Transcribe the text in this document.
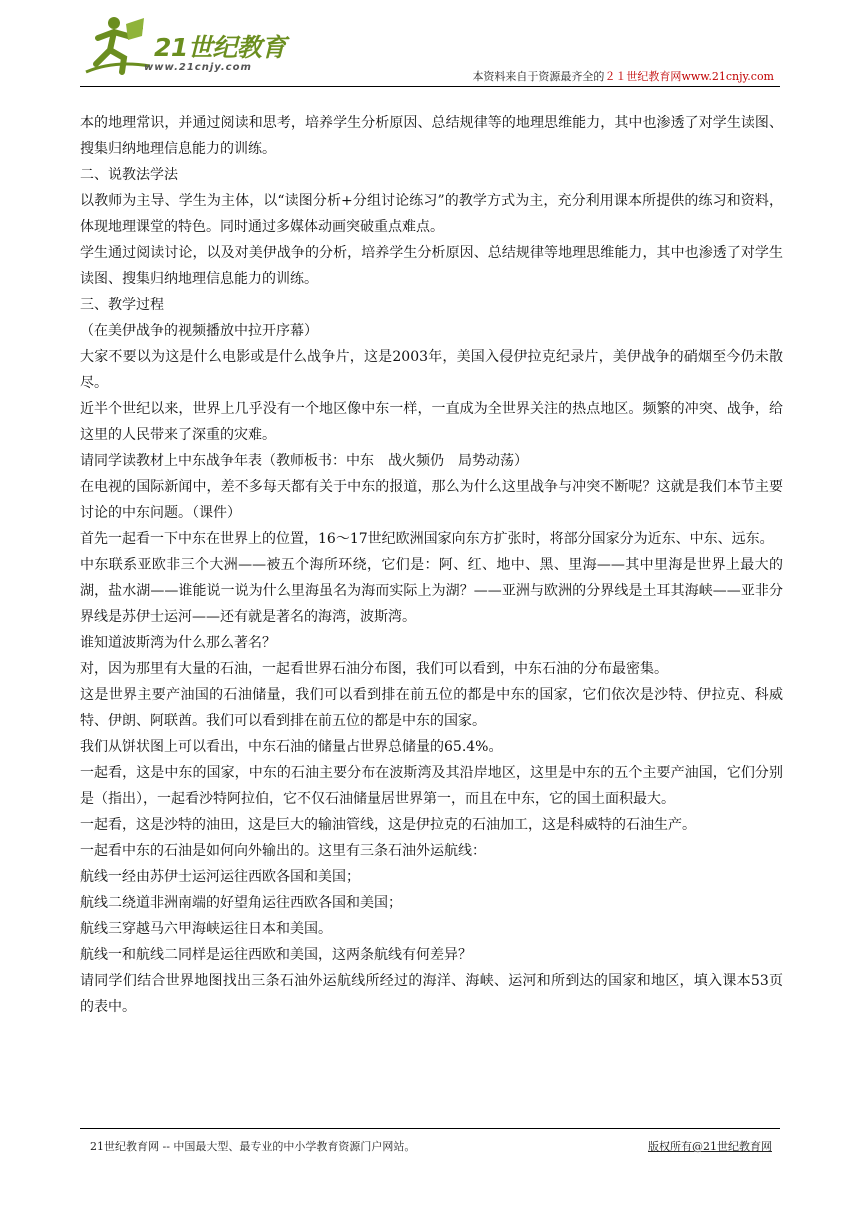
21世纪教育
www.21cnjy.com
本资料来自于资源最齐全的２１世纪教育网www.21cnjy.com

本的地理常识，并通过阅读和思考，培养学生分析原因、总结规律等的地理思维能力，其中也渗透了对学生读图、搜集归纳地理信息能力的训练。

二、说教法学法

以教师为主导、学生为主体，以“读图分析+分组讨论练习”的教学方式为主，充分利用课本所提供的练习和资料，体现地理课堂的特色。同时通过多媒体动画突破重点难点。

学生通过阅读讨论，以及对美伊战争的分析，培养学生分析原因、总结规律等地理思维能力，其中也渗透了对学生读图、搜集归纳地理信息能力的训练。

三、教学过程

（在美伊战争的视频播放中拉开序幕）

大家不要以为这是什么电影或是什么战争片，这是2003年，美国入侵伊拉克纪录片，美伊战争的硝烟至今仍未散尽。

近半个世纪以来，世界上几乎没有一个地区像中东一样，一直成为全世界关注的热点地区。频繁的冲突、战争，给这里的人民带来了深重的灾难。

请同学读教材上中东战争年表（教师板书：中东　战火频仍　局势动荡）

在电视的国际新闻中，差不多每天都有关于中东的报道，那么为什么这里战争与冲突不断呢？这就是我们本节主要讨论的中东问题。（课件）

首先一起看一下中东在世界上的位置，16～17世纪欧洲国家向东方扩张时，将部分国家分为近东、中东、远东。

中东联系亚欧非三个大洲——被五个海所环绕，它们是：阿、红、地中、黑、里海——其中里海是世界上最大的湖，盐水湖——谁能说一说为什么里海虽名为海而实际上为湖？——亚洲与欧洲的分界线是土耳其海峡——亚非分界线是苏伊士运河——还有就是著名的海湾，波斯湾。

谁知道波斯湾为什么那么著名？

对，因为那里有大量的石油，一起看世界石油分布图，我们可以看到，中东石油的分布最密集。

这是世界主要产油国的石油储量，我们可以看到排在前五位的都是中东的国家，它们依次是沙特、伊拉克、科威特、伊朗、阿联酋。我们可以看到排在前五位的都是中东的国家。

我们从饼状图上可以看出，中东石油的储量占世界总储量的65.4%。

一起看，这是中东的国家，中东的石油主要分布在波斯湾及其沿岸地区，这里是中东的五个主要产油国，它们分别是（指出），一起看沙特阿拉伯，它不仅石油储量居世界第一，而且在中东，它的国土面积最大。

一起看，这是沙特的油田，这是巨大的输油管线，这是伊拉克的石油加工，这是科威特的石油生产。

一起看中东的石油是如何向外输出的。这里有三条石油外运航线：

航线一经由苏伊士运河运往西欧各国和美国；

航线二绕道非洲南端的好望角运往西欧各国和美国；

航线三穿越马六甲海峡运往日本和美国。

航线一和航线二同样是运往西欧和美国，这两条航线有何差异？

请同学们结合世界地图找出三条石油外运航线所经过的海洋、海峡、运河和所到达的国家和地区，填入课本53页的表中。

21世纪教育网 -- 中国最大型、最专业的中小学教育资源门户网站。	版权所有@21世纪教育网
